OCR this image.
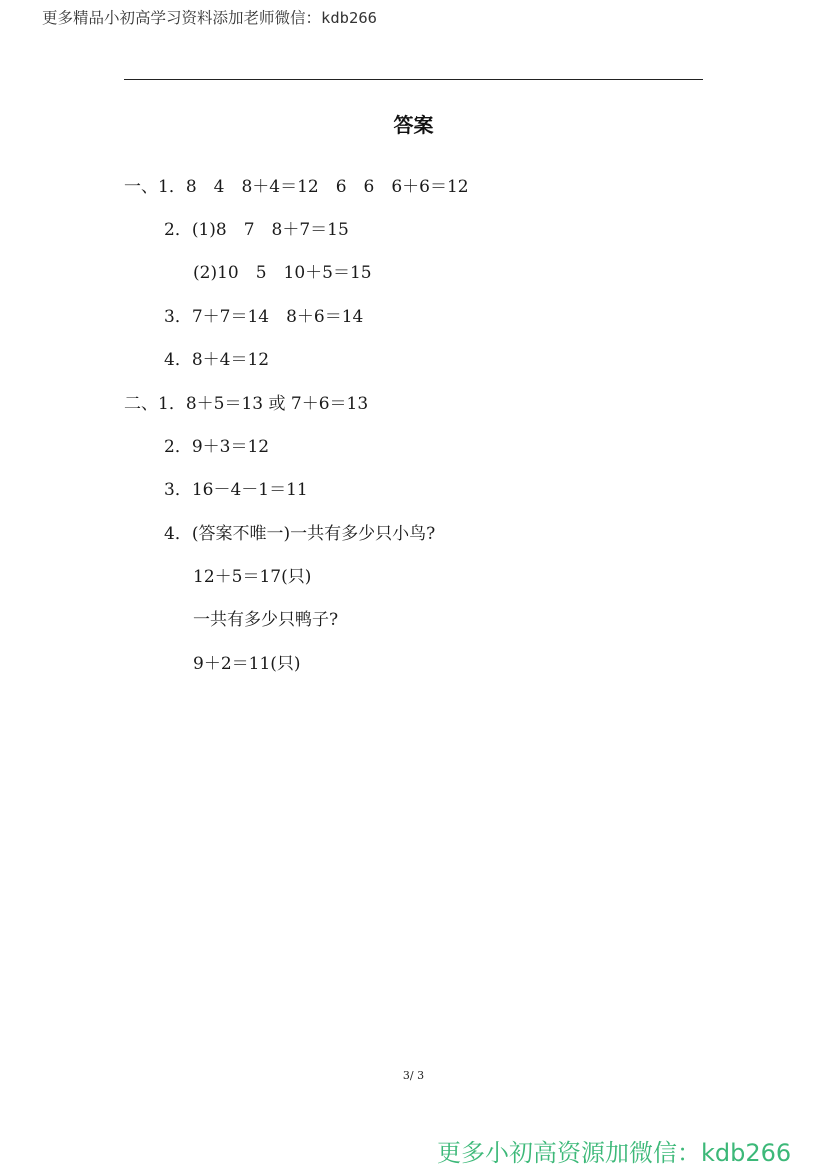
更多精品小初高学习资料添加老师微信：kdb266
答案
一、1．8　4　8＋4＝12　6　6　6＋6＝12
2．(1)8　7　8＋7＝15
(2)10　5　10＋5＝15
3．7＋7＝14　8＋6＝14
4．8＋4＝12
二、1．8＋5＝13 或 7＋6＝13
2．9＋3＝12
3．16－4－1＝11
4．(答案不唯一)一共有多少只小鸟?
12＋5＝17(只)
一共有多少只鸭子?
9＋2＝11(只)
3/ 3
更多小初高资源加微信：kdb266
